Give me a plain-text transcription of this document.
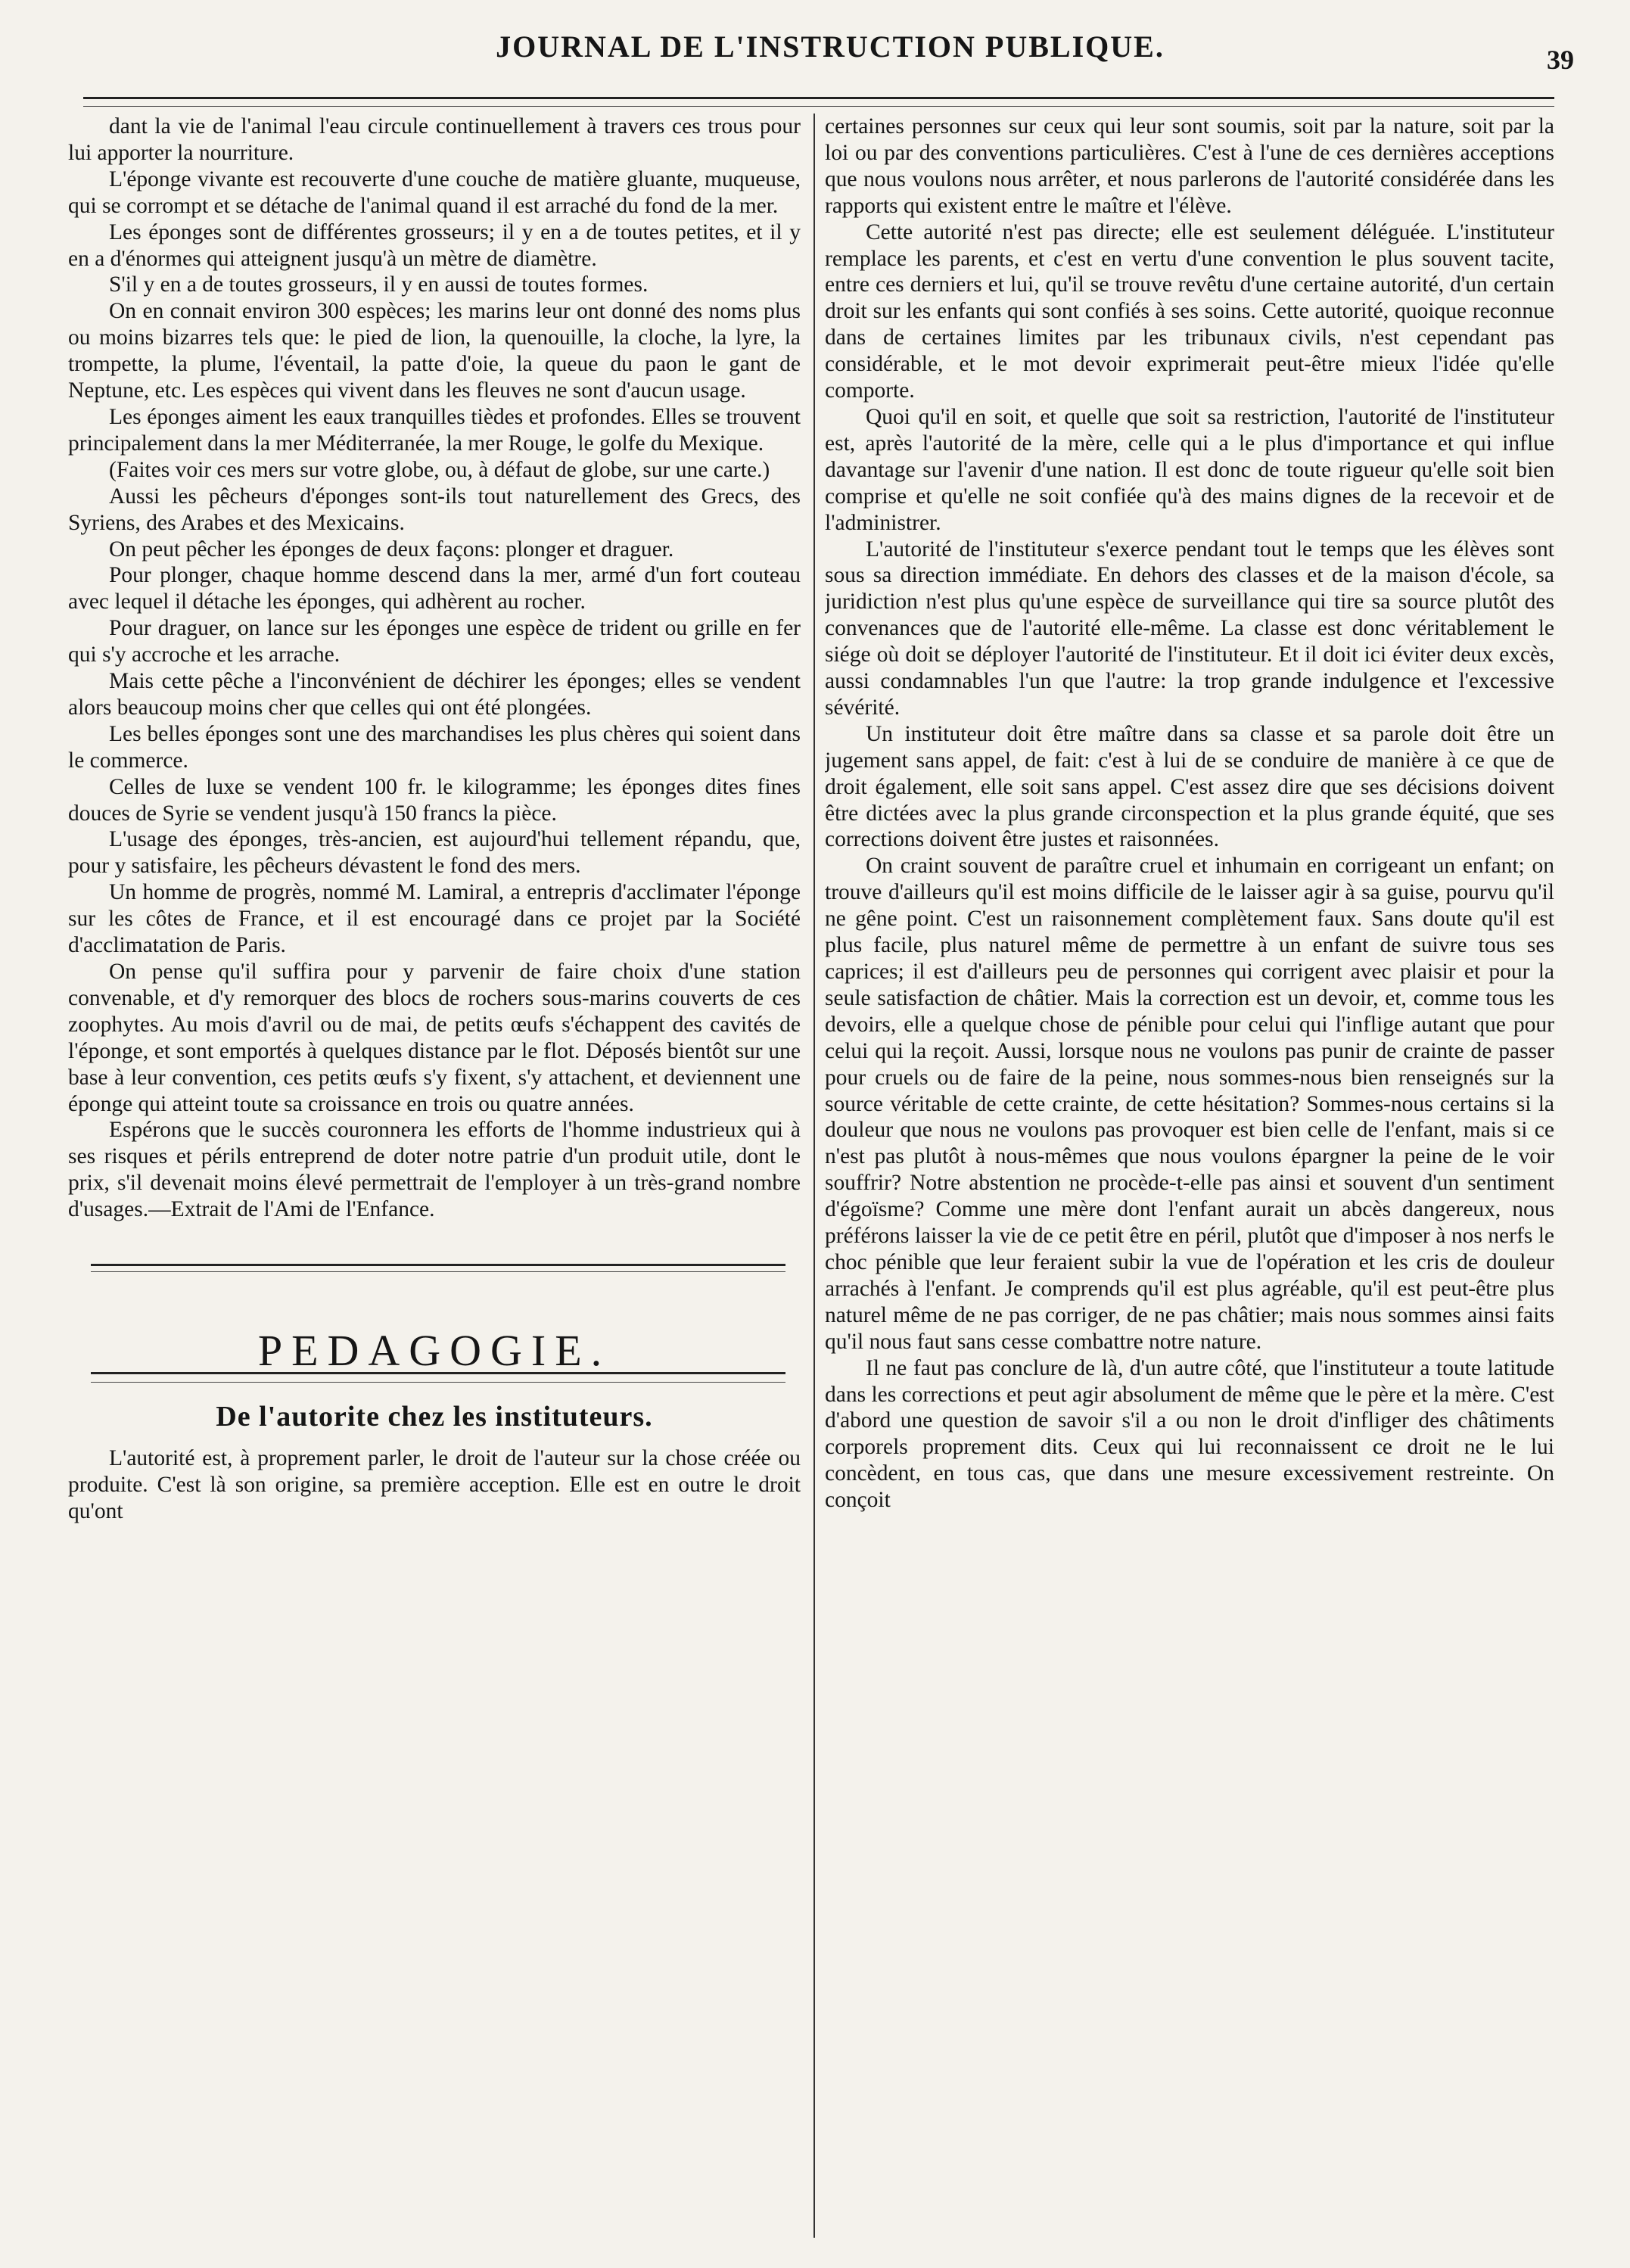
JOURNAL DE L'INSTRUCTION PUBLIQUE.	39

dant la vie de l'animal l'eau circule continuellement à travers ces trous pour lui apporter la nourriture.

L'éponge vivante est recouverte d'une couche de matière gluante, muqueuse, qui se corrompt et se détache de l'animal quand il est arraché du fond de la mer.

Les éponges sont de différentes grosseurs; il y en a de toutes petites, et il y en a d'énormes qui atteignent jusqu'à un mètre de diamètre.

S'il y en a de toutes grosseurs, il y en aussi de toutes formes.

On en connait environ 300 espèces; les marins leur ont donné des noms plus ou moins bizarres tels que: le pied de lion, la quenouille, la cloche, la lyre, la trompette, la plume, l'éventail, la patte d'oie, la queue du paon le gant de Neptune, etc. Les espèces qui vivent dans les fleuves ne sont d'aucun usage.

Les éponges aiment les eaux tranquilles tièdes et profondes. Elles se trouvent principalement dans la mer Méditerranée, la mer Rouge, le golfe du Mexique.

(Faites voir ces mers sur votre globe, ou, à défaut de globe, sur une carte.)

Aussi les pêcheurs d'éponges sont-ils tout naturellement des Grecs, des Syriens, des Arabes et des Mexicains.

On peut pêcher les éponges de deux façons: plonger et draguer.

Pour plonger, chaque homme descend dans la mer, armé d'un fort couteau avec lequel il détache les éponges, qui adhèrent au rocher.

Pour draguer, on lance sur les éponges une espèce de trident ou grille en fer qui s'y accroche et les arrache.

Mais cette pêche a l'inconvénient de déchirer les éponges; elles se vendent alors beaucoup moins cher que celles qui ont été plongées.

Les belles éponges sont une des marchandises les plus chères qui soient dans le commerce.

Celles de luxe se vendent 100 fr. le kilogramme; les éponges dites fines douces de Syrie se vendent jusqu'à 150 francs la pièce.

L'usage des éponges, très-ancien, est aujourd'hui tellement répandu, que, pour y satisfaire, les pêcheurs dévastent le fond des mers.

Un homme de progrès, nommé M. Lamiral, a entrepris d'acclimater l'éponge sur les côtes de France, et il est encouragé dans ce projet par la Société d'acclimatation de Paris.

On pense qu'il suffira pour y parvenir de faire choix d'une station convenable, et d'y remorquer des blocs de rochers sous-marins couverts de ces zoophytes. Au mois d'avril ou de mai, de petits œufs s'échappent des cavités de l'éponge, et sont emportés à quelques distance par le flot. Déposés bientôt sur une base à leur convention, ces petits œufs s'y fixent, s'y attachent, et deviennent une éponge qui atteint toute sa croissance en trois ou quatre années.

Espérons que le succès couronnera les efforts de l'homme industrieux qui à ses risques et périls entreprend de doter notre patrie d'un produit utile, dont le prix, s'il devenait moins élevé permettrait de l'employer à un très-grand nombre d'usages.—Extrait de l'Ami de l'Enfance.

PEDAGOGIE.
De l'autorite chez les instituteurs.

L'autorité est, à proprement parler, le droit de l'auteur sur la chose créée ou produite. C'est là son origine, sa première acception. Elle est en outre le droit qu'ont

certaines personnes sur ceux qui leur sont soumis, soit par la nature, soit par la loi ou par des conventions particulières. C'est à l'une de ces dernières acceptions que nous voulons nous arrêter, et nous parlerons de l'autorité considérée dans les rapports qui existent entre le maître et l'élève.

Cette autorité n'est pas directe; elle est seulement déléguée. L'instituteur remplace les parents, et c'est en vertu d'une convention le plus souvent tacite, entre ces derniers et lui, qu'il se trouve revêtu d'une certaine autorité, d'un certain droit sur les enfants qui sont confiés à ses soins. Cette autorité, quoique reconnue dans de certaines limites par les tribunaux civils, n'est cependant pas considérable, et le mot devoir exprimerait peut-être mieux l'idée qu'elle comporte.

Quoi qu'il en soit, et quelle que soit sa restriction, l'autorité de l'instituteur est, après l'autorité de la mère, celle qui a le plus d'importance et qui influe davantage sur l'avenir d'une nation. Il est donc de toute rigueur qu'elle soit bien comprise et qu'elle ne soit confiée qu'à des mains dignes de la recevoir et de l'administrer.

L'autorité de l'instituteur s'exerce pendant tout le temps que les élèves sont sous sa direction immédiate. En dehors des classes et de la maison d'école, sa juridiction n'est plus qu'une espèce de surveillance qui tire sa source plutôt des convenances que de l'autorité elle-même. La classe est donc véritablement le siége où doit se déployer l'autorité de l'instituteur. Et il doit ici éviter deux excès, aussi condamnables l'un que l'autre: la trop grande indulgence et l'excessive sévérité.

Un instituteur doit être maître dans sa classe et sa parole doit être un jugement sans appel, de fait: c'est à lui de se conduire de manière à ce que de droit également, elle soit sans appel. C'est assez dire que ses décisions doivent être dictées avec la plus grande circonspection et la plus grande équité, que ses corrections doivent être justes et raisonnées.

On craint souvent de paraître cruel et inhumain en corrigeant un enfant; on trouve d'ailleurs qu'il est moins difficile de le laisser agir à sa guise, pourvu qu'il ne gêne point. C'est un raisonnement complètement faux. Sans doute qu'il est plus facile, plus naturel même de permettre à un enfant de suivre tous ses caprices; il est d'ailleurs peu de personnes qui corrigent avec plaisir et pour la seule satisfaction de châtier. Mais la correction est un devoir, et, comme tous les devoirs, elle a quelque chose de pénible pour celui qui l'inflige autant que pour celui qui la reçoit. Aussi, lorsque nous ne voulons pas punir de crainte de passer pour cruels ou de faire de la peine, nous sommes-nous bien renseignés sur la source véritable de cette crainte, de cette hésitation? Sommes-nous certains si la douleur que nous ne voulons pas provoquer est bien celle de l'enfant, mais si ce n'est pas plutôt à nous-mêmes que nous voulons épargner la peine de le voir souffrir? Notre abstention ne procède-t-elle pas ainsi et souvent d'un sentiment d'égoïsme? Comme une mère dont l'enfant aurait un abcès dangereux, nous préférons laisser la vie de ce petit être en péril, plutôt que d'imposer à nos nerfs le choc pénible que leur feraient subir la vue de l'opération et les cris de douleur arrachés à l'enfant. Je comprends qu'il est plus agréable, qu'il est peut-être plus naturel même de ne pas corriger, de ne pas châtier; mais nous sommes ainsi faits qu'il nous faut sans cesse combattre notre nature.

Il ne faut pas conclure de là, d'un autre côté, que l'instituteur a toute latitude dans les corrections et peut agir absolument de même que le père et la mère. C'est d'abord une question de savoir s'il a ou non le droit d'infliger des châtiments corporels proprement dits. Ceux qui lui reconnaissent ce droit ne le lui concèdent, en tous cas, que dans une mesure excessivement restreinte. On conçoit
